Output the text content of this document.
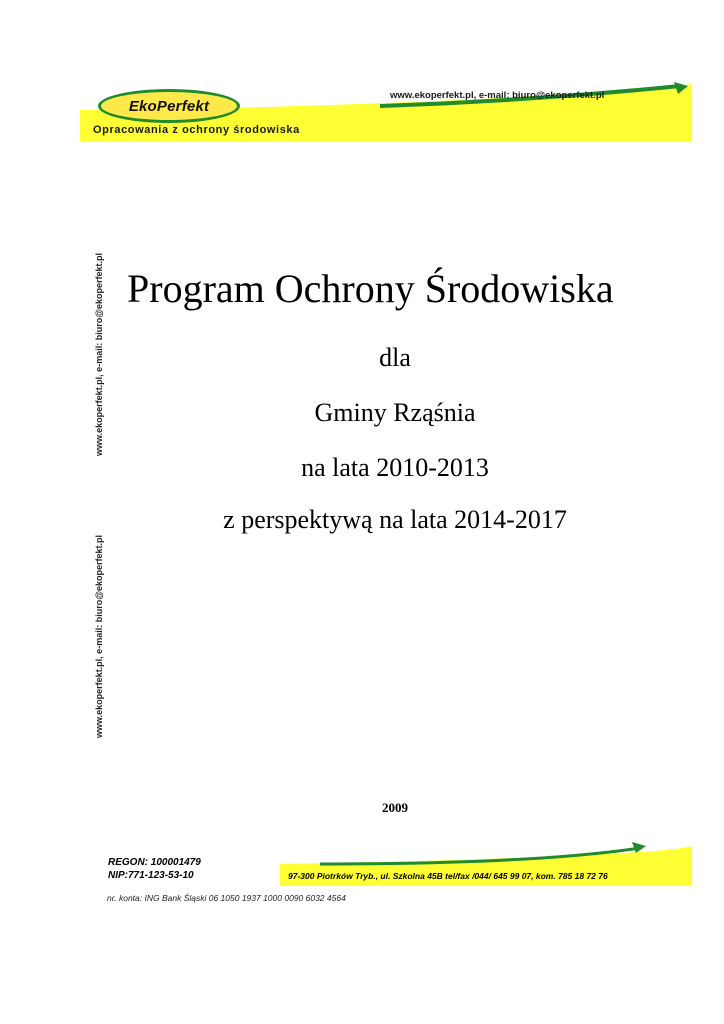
EkoPerfekt
www.ekoperfekt.pl, e-mail: biuro@ekoperfekt.pl
Opracowania z ochrony środowiska
www.ekoperfekt.pl, e-mail: biuro@ekoperfekt.pl
www.ekoperfekt.pl, e-mail: biuro@ekoperfekt.pl
Program Ochrony Środowiska
dla
Gminy Rząśnia
na lata 2010-2013
z perspektywą na lata 2014-2017
2009
REGON: 100001479
NIP:771-123-53-10	97-300 Piotrków Tryb., ul. Szkolna 45B tel/fax /044/ 645 99 07, kom. 785 18 72 76
nr. konta: ING Bank Śląski 06 1050 1937 1000 0090 6032 4564
